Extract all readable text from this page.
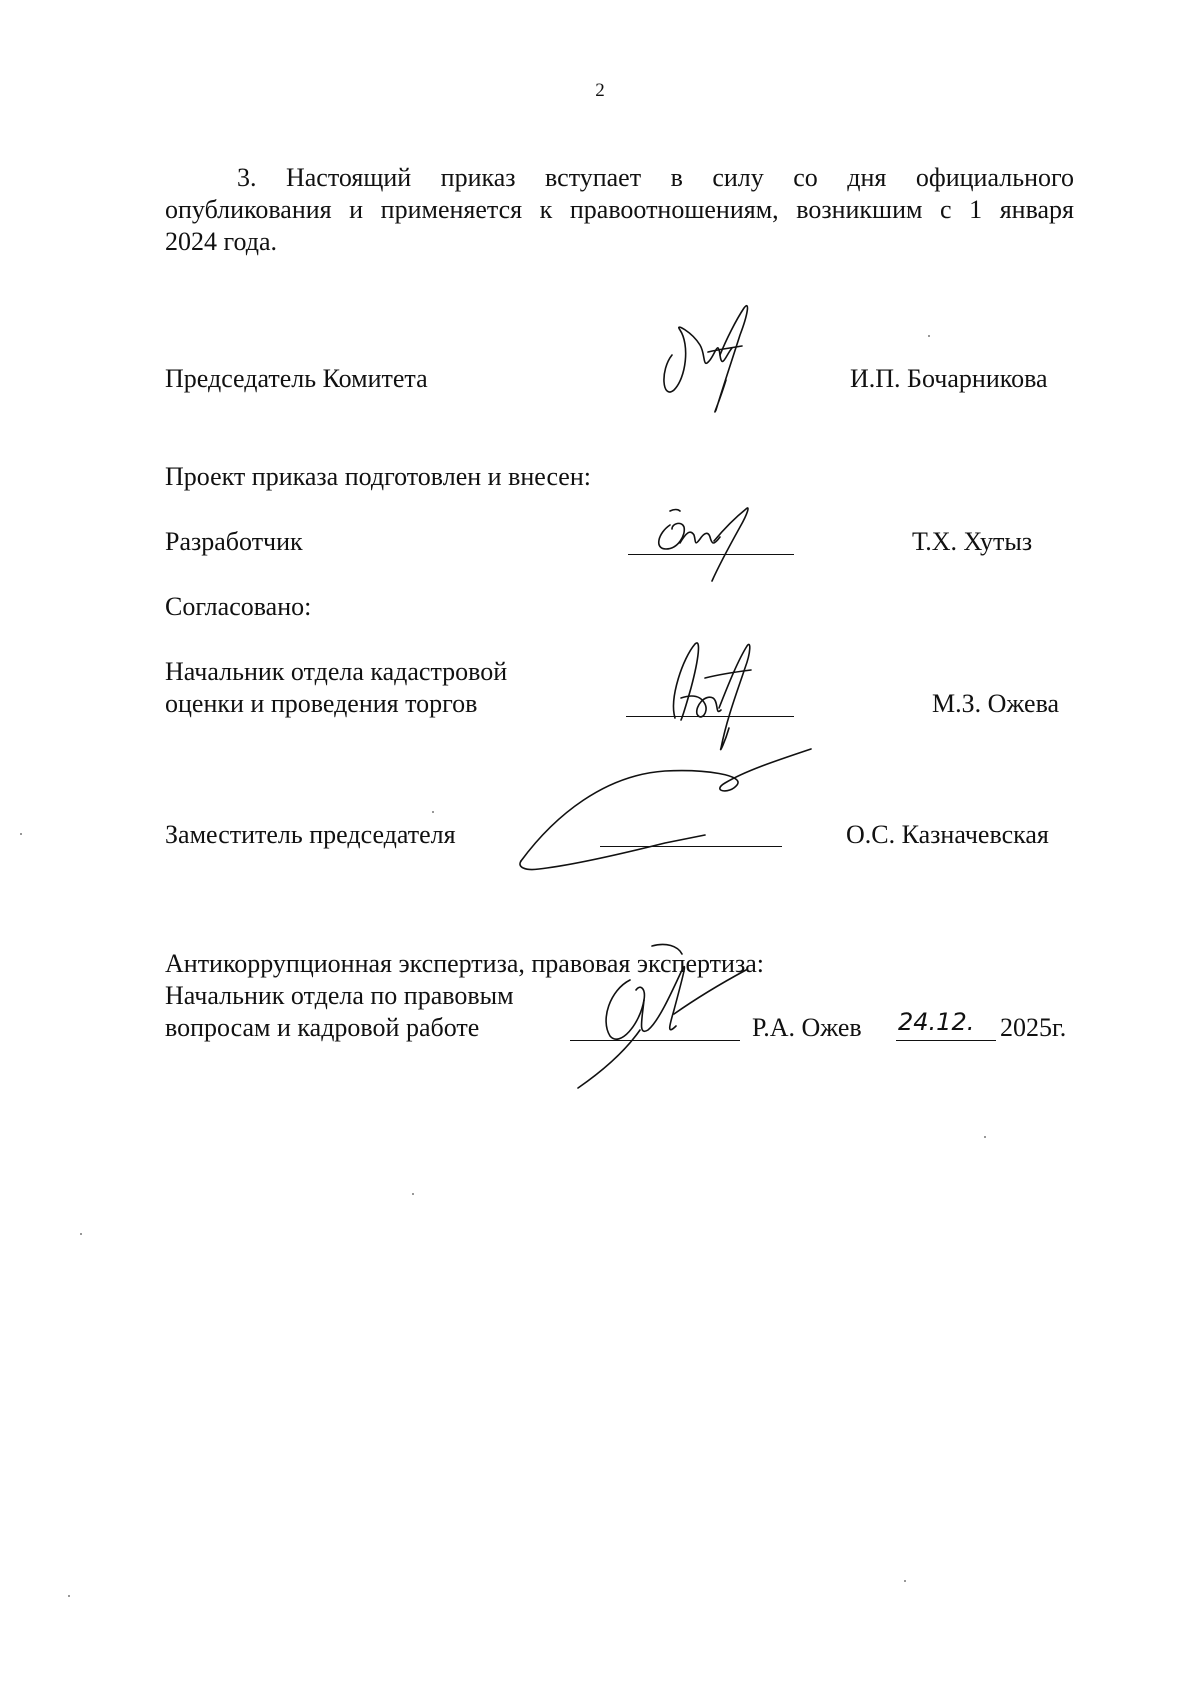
2
3. Настоящий приказ вступает в силу со дня официального
опубликования и применяется к правоотношениям, возникшим с 1 января
2024 года.
Председатель Комитета	И.П. Бочарникова
Проект приказа подготовлен и внесен:
Разработчик	Т.Х. Хутыз
Согласовано:
Начальник отдела кадастровой
оценки и проведения торгов	М.З. Ожева
Заместитель председателя	О.С. Казначевская
Антикоррупционная экспертиза, правовая экспертиза:
Начальник отдела по правовым
вопросам и кадровой работе	Р.А. Ожев 24.12. 2025г.
